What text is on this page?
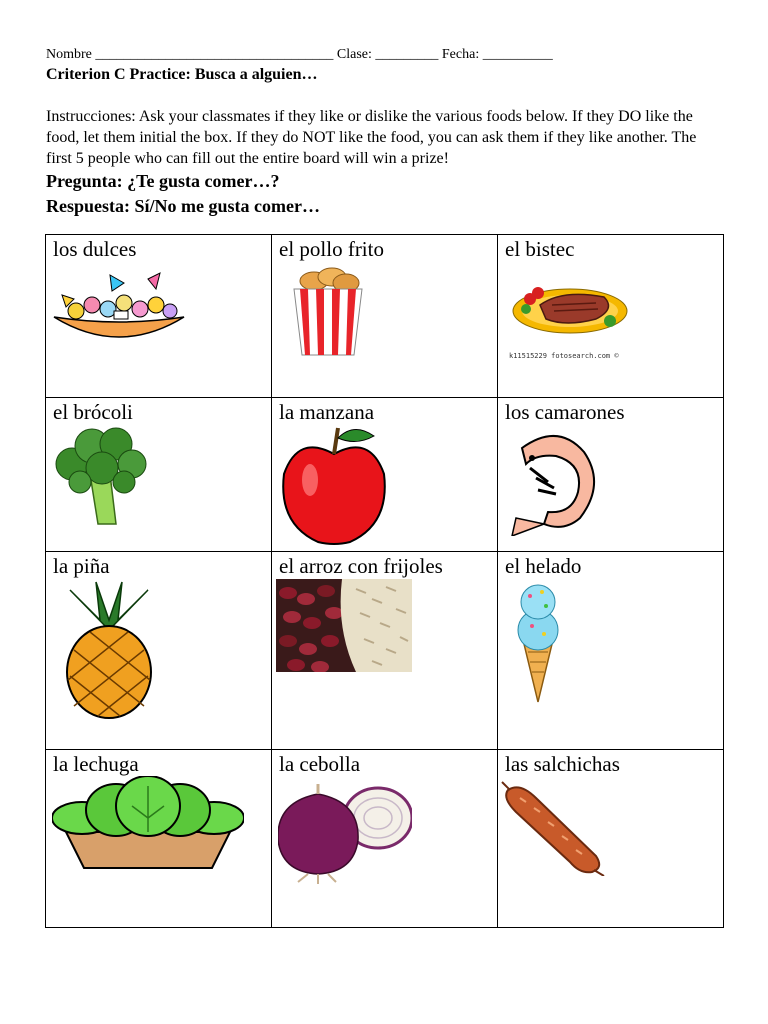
Nombre __________________________________ Clase: _________ Fecha: __________
Criterion C Practice: Busca a alguien…
Instrucciones: Ask your classmates if they like or dislike the various foods below. If they DO like the food, let them initial the box. If they do NOT like the food, you can ask them if they like another. The first 5 people who can fill out the entire board will win a prize!
Pregunta: ¿Te gusta comer…?
Respuesta: Sí/No me gusta comer…
los dulces	el pollo frito	el bistec
k11515229 fotosearch.com ©

el brócoli	la manzana	los camarones

la piña	el arroz con frijoles	el helado

la lechuga	la cebolla	las salchichas
